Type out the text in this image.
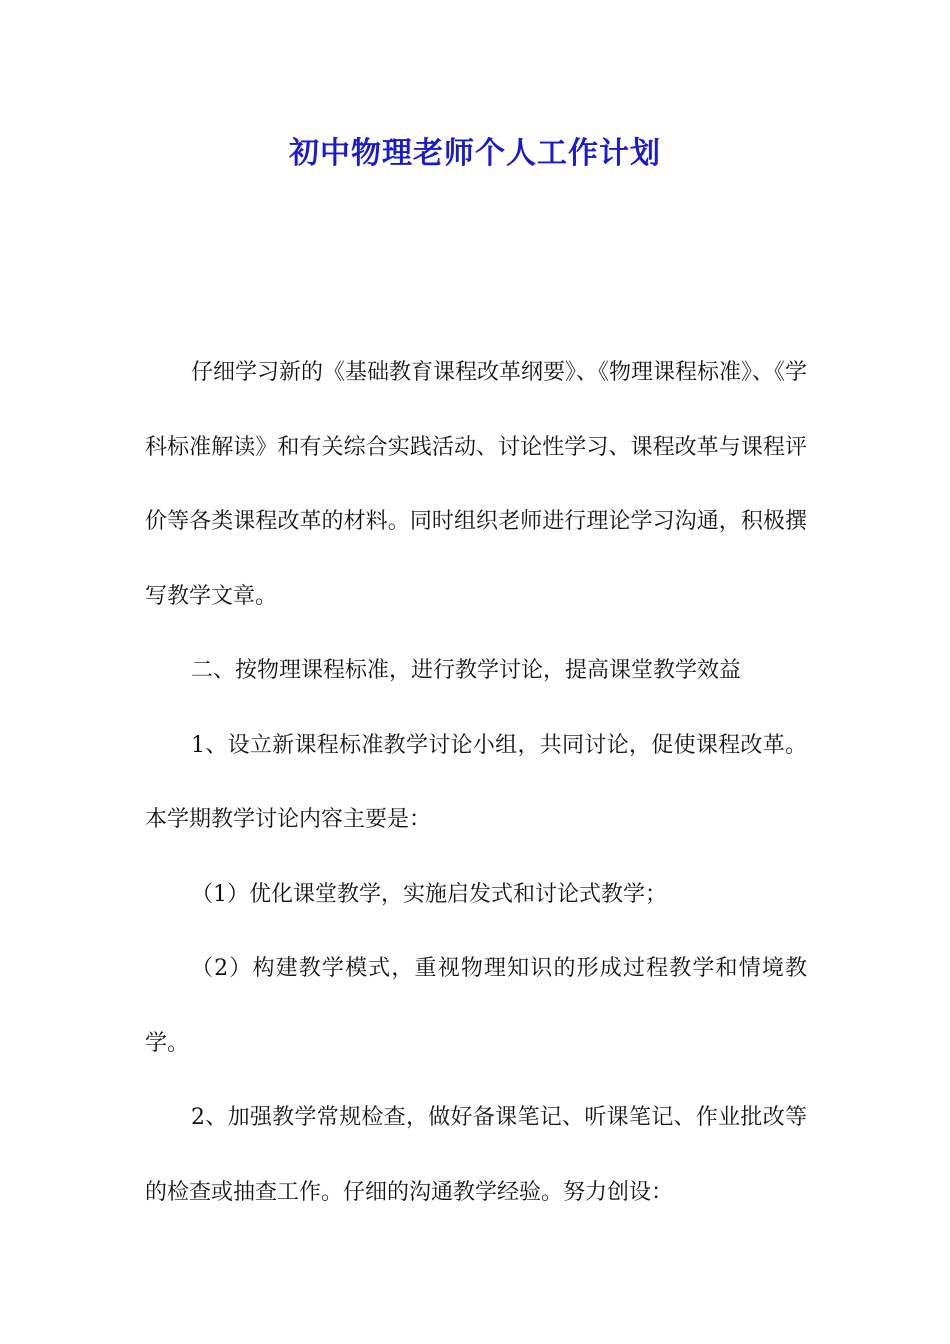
初中物理老师个人工作计划

仔细学习新的《基础教育课程改革纲要》、《物理课程标准》、《学科标准解读》和有关综合实践活动、讨论性学习、课程改革与课程评价等各类课程改革的材料。同时组织老师进行理论学习沟通，积极撰写教学文章。

二、按物理课程标准，进行教学讨论，提高课堂教学效益

1、设立新课程标准教学讨论小组，共同讨论，促使课程改革。本学期教学讨论内容主要是：

（1）优化课堂教学，实施启发式和讨论式教学；

（2）构建教学模式，重视物理知识的形成过程教学和情境教学。

2、加强教学常规检查，做好备课笔记、听课笔记、作业批改等的检查或抽查工作。仔细的沟通教学经验。努力创设：
